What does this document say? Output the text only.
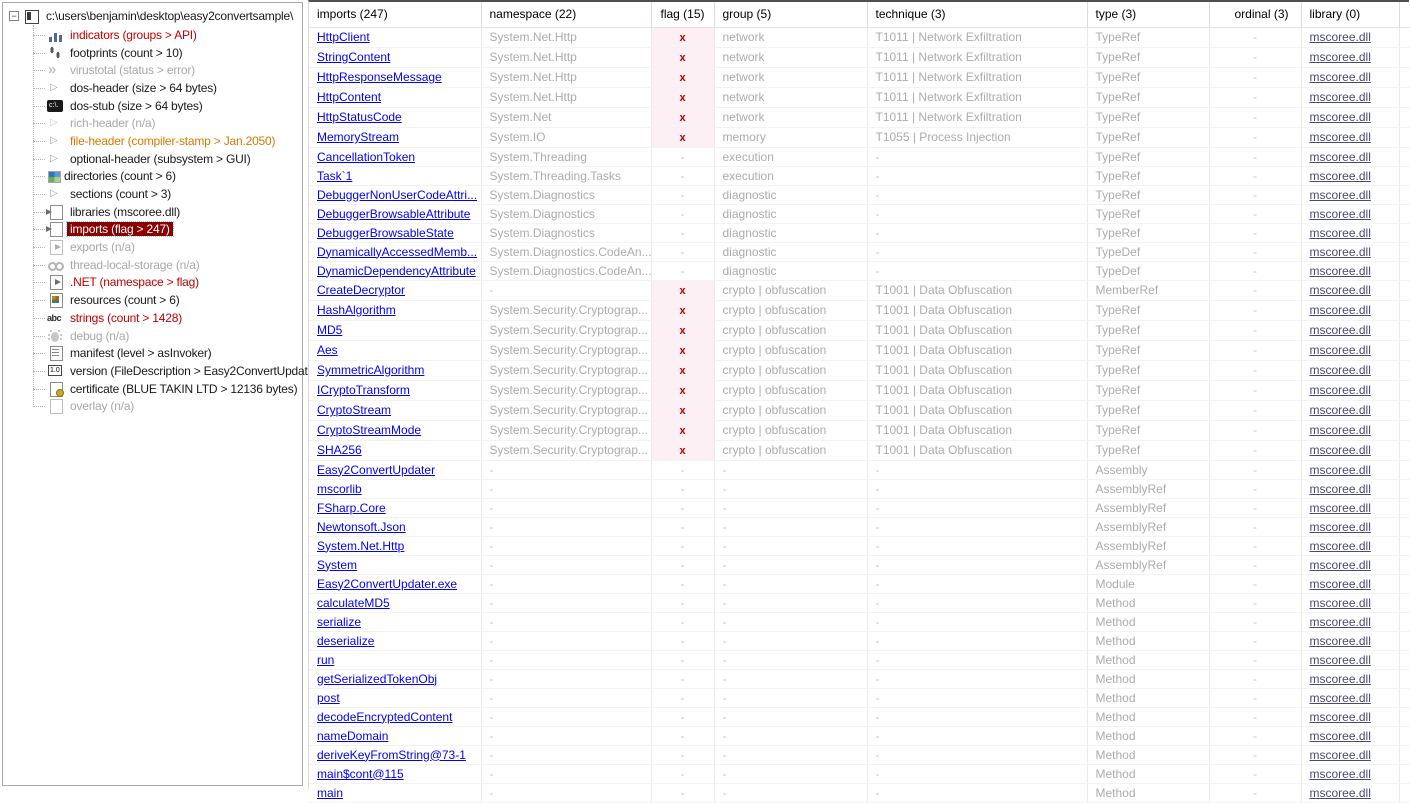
− c:\users\benjamin\desktop\easy2convertsample\
indicators (groups > API)
footprints (count > 10)
»
virustotal (status > error)
▷
dos-header (size > 64 bytes)
c:\.
dos-stub (size > 64 bytes)
▷
rich-header (n/a)
▷
file-header (compiler-stamp > Jan.2050)
▷
optional-header (subsystem > GUI)
directories (count > 6)
▷
sections (count > 3)
libraries (mscoree.dll)
imports (flag > 247)
exports (n/a)
thread-local-storage (n/a)
.NET (namespace > flag)
resources (count > 6)
abc
strings (count > 1428)
debug (n/a)
manifest (level > asInvoker)
1.0
version (FileDescription > Easy2ConvertUpdat
certificate (BLUE TAKIN LTD > 12136 bytes)
overlay (n/a)
imports (247)	namespace (22)	flag (15)	group (5)	technique (3)	type (3)	ordinal (3)	library (0)	
HttpClient	System.Net.Http	x	network	T1011 | Network Exfiltration	TypeRef	-	mscoree.dll	
StringContent	System.Net.Http	x	network	T1011 | Network Exfiltration	TypeRef	-	mscoree.dll	
HttpResponseMessage	System.Net.Http	x	network	T1011 | Network Exfiltration	TypeRef	-	mscoree.dll	
HttpContent	System.Net.Http	x	network	T1011 | Network Exfiltration	TypeRef	-	mscoree.dll	
HttpStatusCode	System.Net	x	network	T1011 | Network Exfiltration	TypeRef	-	mscoree.dll	
MemoryStream	System.IO	x	memory	T1055 | Process Injection	TypeRef	-	mscoree.dll	
CancellationToken	System.Threading	-	execution	-	TypeRef	-	mscoree.dll	
Task`1	System.Threading.Tasks	-	execution	-	TypeRef	-	mscoree.dll	
DebuggerNonUserCodeAttri...	System.Diagnostics	-	diagnostic	-	TypeRef	-	mscoree.dll	
DebuggerBrowsableAttribute	System.Diagnostics	-	diagnostic	-	TypeRef	-	mscoree.dll	
DebuggerBrowsableState	System.Diagnostics	-	diagnostic	-	TypeRef	-	mscoree.dll	
DynamicallyAccessedMemb...	System.Diagnostics.CodeAn...	-	diagnostic	-	TypeDef	-	mscoree.dll	
DynamicDependencyAttribute	System.Diagnostics.CodeAn...	-	diagnostic	-	TypeDef	-	mscoree.dll	
CreateDecryptor	-	x	crypto | obfuscation	T1001 | Data Obfuscation	MemberRef	-	mscoree.dll	
HashAlgorithm	System.Security.Cryptograp...	x	crypto | obfuscation	T1001 | Data Obfuscation	TypeRef	-	mscoree.dll	
MD5	System.Security.Cryptograp...	x	crypto | obfuscation	T1001 | Data Obfuscation	TypeRef	-	mscoree.dll	
Aes	System.Security.Cryptograp...	x	crypto | obfuscation	T1001 | Data Obfuscation	TypeRef	-	mscoree.dll	
SymmetricAlgorithm	System.Security.Cryptograp...	x	crypto | obfuscation	T1001 | Data Obfuscation	TypeRef	-	mscoree.dll	
ICryptoTransform	System.Security.Cryptograp...	x	crypto | obfuscation	T1001 | Data Obfuscation	TypeRef	-	mscoree.dll	
CryptoStream	System.Security.Cryptograp...	x	crypto | obfuscation	T1001 | Data Obfuscation	TypeRef	-	mscoree.dll	
CryptoStreamMode	System.Security.Cryptograp...	x	crypto | obfuscation	T1001 | Data Obfuscation	TypeRef	-	mscoree.dll	
SHA256	System.Security.Cryptograp...	x	crypto | obfuscation	T1001 | Data Obfuscation	TypeRef	-	mscoree.dll	
Easy2ConvertUpdater	-	-	-	-	Assembly	-	mscoree.dll	
mscorlib	-	-	-	-	AssemblyRef	-	mscoree.dll	
FSharp.Core	-	-	-	-	AssemblyRef	-	mscoree.dll	
Newtonsoft.Json	-	-	-	-	AssemblyRef	-	mscoree.dll	
System.Net.Http	-	-	-	-	AssemblyRef	-	mscoree.dll	
System	-	-	-	-	AssemblyRef	-	mscoree.dll	
Easy2ConvertUpdater.exe	-	-	-	-	Module	-	mscoree.dll	
calculateMD5	-	-	-	-	Method	-	mscoree.dll	
serialize	-	-	-	-	Method	-	mscoree.dll	
deserialize	-	-	-	-	Method	-	mscoree.dll	
run	-	-	-	-	Method	-	mscoree.dll	
getSerializedTokenObj	-	-	-	-	Method	-	mscoree.dll	
post	-	-	-	-	Method	-	mscoree.dll	
decodeEncryptedContent	-	-	-	-	Method	-	mscoree.dll	
nameDomain	-	-	-	-	Method	-	mscoree.dll	
deriveKeyFromString@73-1	-	-	-	-	Method	-	mscoree.dll	
main$cont@115	-	-	-	-	Method	-	mscoree.dll	
main	-	-	-	-	Method	-	mscoree.dll	
